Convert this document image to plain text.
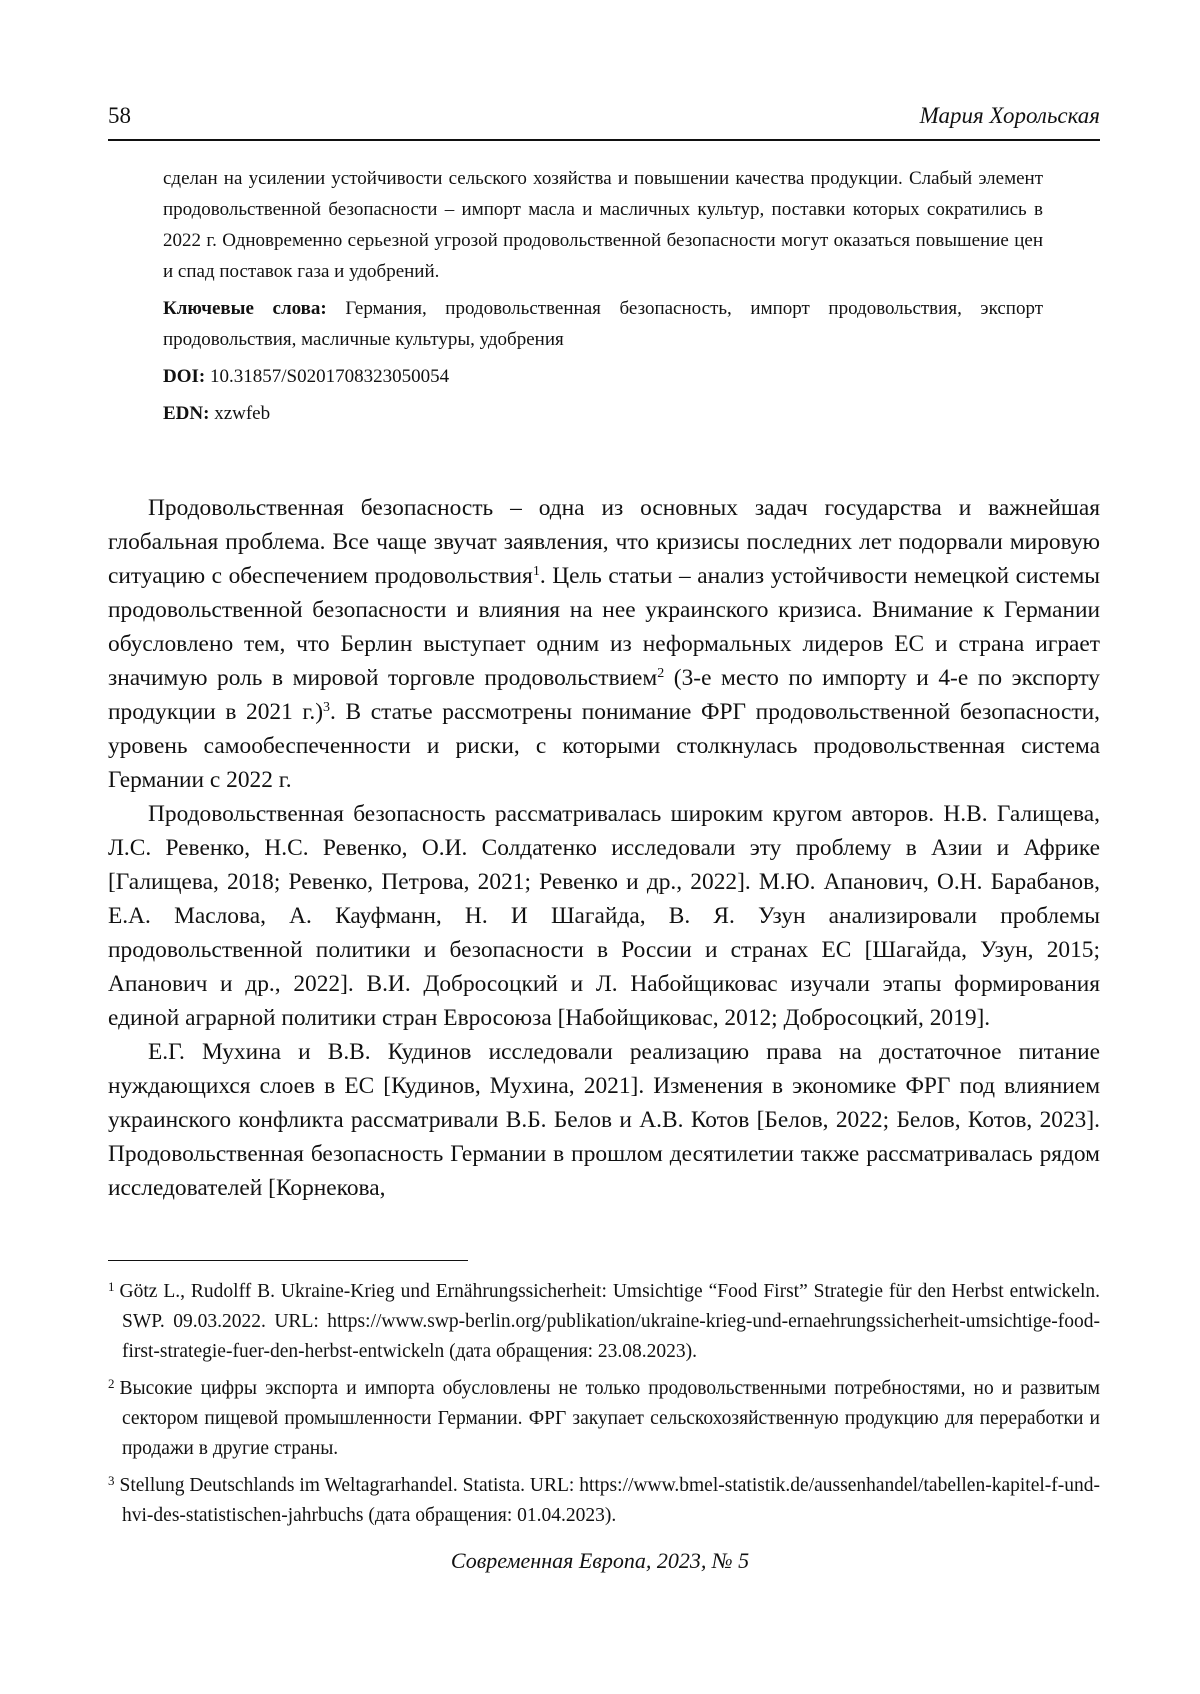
58	Мария Хорольская

сделан на усилении устойчивости сельского хозяйства и повышении качества продукции. Слабый элемент продовольственной безопасности – импорт масла и масличных культур, поставки которых сократились в 2022 г. Одновременно серьезной угрозой продовольственной безопасности могут оказаться повышение цен и спад поставок газа и удобрений.

Ключевые слова: Германия, продовольственная безопасность, импорт продовольствия, экспорт продовольствия, масличные культуры, удобрения

DOI: 10.31857/S0201708323050054

EDN: xzwfeb

Продовольственная безопасность – одна из основных задач государства и важнейшая глобальная проблема. Все чаще звучат заявления, что кризисы последних лет подорвали мировую ситуацию с обеспечением продовольствия$^1$. Цель статьи – анализ устойчивости немецкой системы продовольственной безопасности и влияния на нее украинского кризиса. Внимание к Германии обусловлено тем, что Берлин выступает одним из неформальных лидеров ЕС и страна играет значимую роль в мировой торговле продовольствием$^2$ (3-е место по импорту и 4-е по экспорту продукции в 2021 г.)$^3$. В статье рассмотрены понимание ФРГ продовольственной безопасности, уровень самообеспеченности и риски, с которыми столкнулась продовольственная система Германии с 2022 г.

Продовольственная безопасность рассматривалась широким кругом авторов. Н.В. Галищева, Л.С. Ревенко, Н.С. Ревенко, О.И. Солдатенко исследовали эту проблему в Азии и Африке [Галищева, 2018; Ревенко, Петрова, 2021; Ревенко и др., 2022]. М.Ю. Апанович, О.Н. Барабанов, Е.А. Маслова, А. Кауфманн, Н. И Шагайда, В. Я. Узун анализировали проблемы продовольственной политики и безопасности в России и странах ЕС [Шагайда, Узун, 2015; Апанович и др., 2022]. В.И. Добросоцкий и Л. Набойщиковас изучали этапы формирования единой аграрной политики стран Евросоюза [Набойщиковас, 2012; Добросоцкий, 2019].

Е.Г. Мухина и В.В. Кудинов исследовали реализацию права на достаточное питание нуждающихся слоев в ЕС [Кудинов, Мухина, 2021]. Изменения в экономике ФРГ под влиянием украинского конфликта рассматривали В.Б. Белов и А.В. Котов [Белов, 2022; Белов, Котов, 2023]. Продовольственная безопасность Германии в прошлом десятилетии также рассматривалась рядом исследователей [Корнекова,

$^1$ Götz L., Rudolff B. Ukraine-Krieg und Ernährungssicherheit: Umsichtige “Food First” Strategie für den Herbst entwickeln. SWP. 09.03.2022. URL: https://www.swp-berlin.org/publikation/ukraine-krieg-und-ernaehrungssicherheit-umsichtige-food-first-strategie-fuer-den-herbst-entwickeln (дата обращения: 23.08.2023).

$^2$ Высокие цифры экспорта и импорта обусловлены не только продовольственными потребностями, но и развитым сектором пищевой промышленности Германии. ФРГ закупает сельскохозяйственную продукцию для переработки и продажи в другие страны.

$^3$ Stellung Deutschlands im Weltagrarhandel. Statista. URL: https://www.bmel-statistik.de/aussenhandel/tabellen-kapitel-f-und-hvi-des-statistischen-jahrbuchs (дата обращения: 01.04.2023).

Современная Европа, 2023, № 5
